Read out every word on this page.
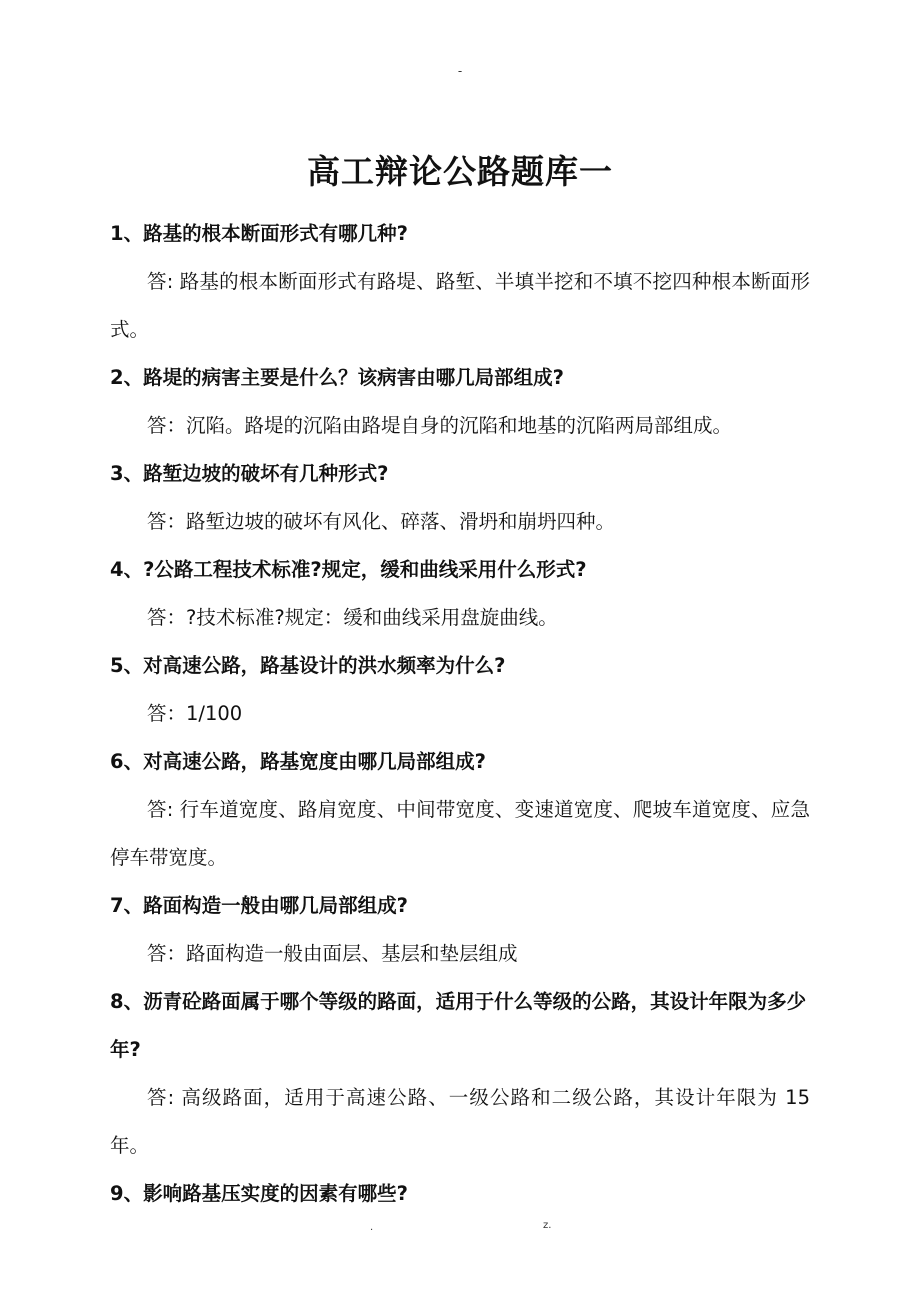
-
高工辩论公路题库一

1、路基的根本断面形式有哪几种?

答: 路基的根本断面形式有路堤、路堑、半填半挖和不填不挖四种根本断面形式。

2、路堤的病害主要是什么？该病害由哪几局部组成?

答：沉陷。路堤的沉陷由路堤自身的沉陷和地基的沉陷两局部组成。

3、路堑边坡的破坏有几种形式?

答：路堑边坡的破坏有风化、碎落、滑坍和崩坍四种。

4、?公路工程技术标准?规定，缓和曲线采用什么形式?

答：?技术标准?规定：缓和曲线采用盘旋曲线。

5、对高速公路，路基设计的洪水频率为什么?

答：1/100

6、对高速公路，路基宽度由哪几局部组成?

答: 行车道宽度、路肩宽度、中间带宽度、变速道宽度、爬坡车道宽度、应急停车带宽度。

7、路面构造一般由哪几局部组成?

答：路面构造一般由面层、基层和垫层组成

8、沥青砼路面属于哪个等级的路面，适用于什么等级的公路，其设计年限为多少年?

答: 高级路面，适用于高速公路、一级公路和二级公路，其设计年限为 15 年。

9、影响路基压实度的因素有哪些?

.	z.
